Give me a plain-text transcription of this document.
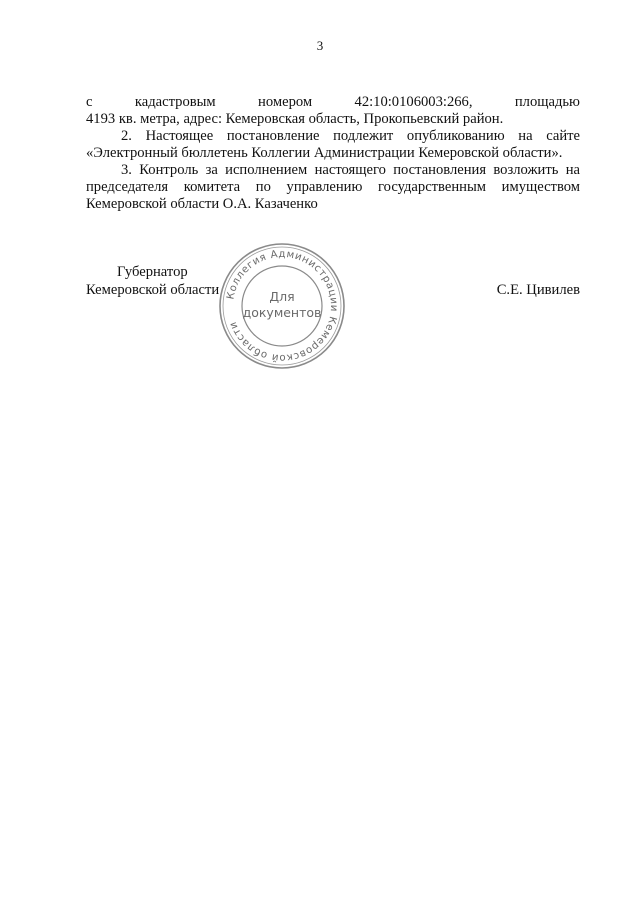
3
с	кадастровым	номером	42:10:0106003:266,	площадью
4193 кв. метра, адрес: Кемеровская область, Прокопьевский район.

2. Настоящее постановление подлежит опубликованию на сайте «Электронный бюллетень Коллегии Администрации Кемеровской области».

3. Контроль за исполнением настоящего постановления возложить на председателя комитета по управлению государственным имуществом Кемеровской области О.А. Казаченко

Губернатор
Кемеровской области	С.Е. Цивилев
Коллегия Администрации Кемеровской области
Для
документов
